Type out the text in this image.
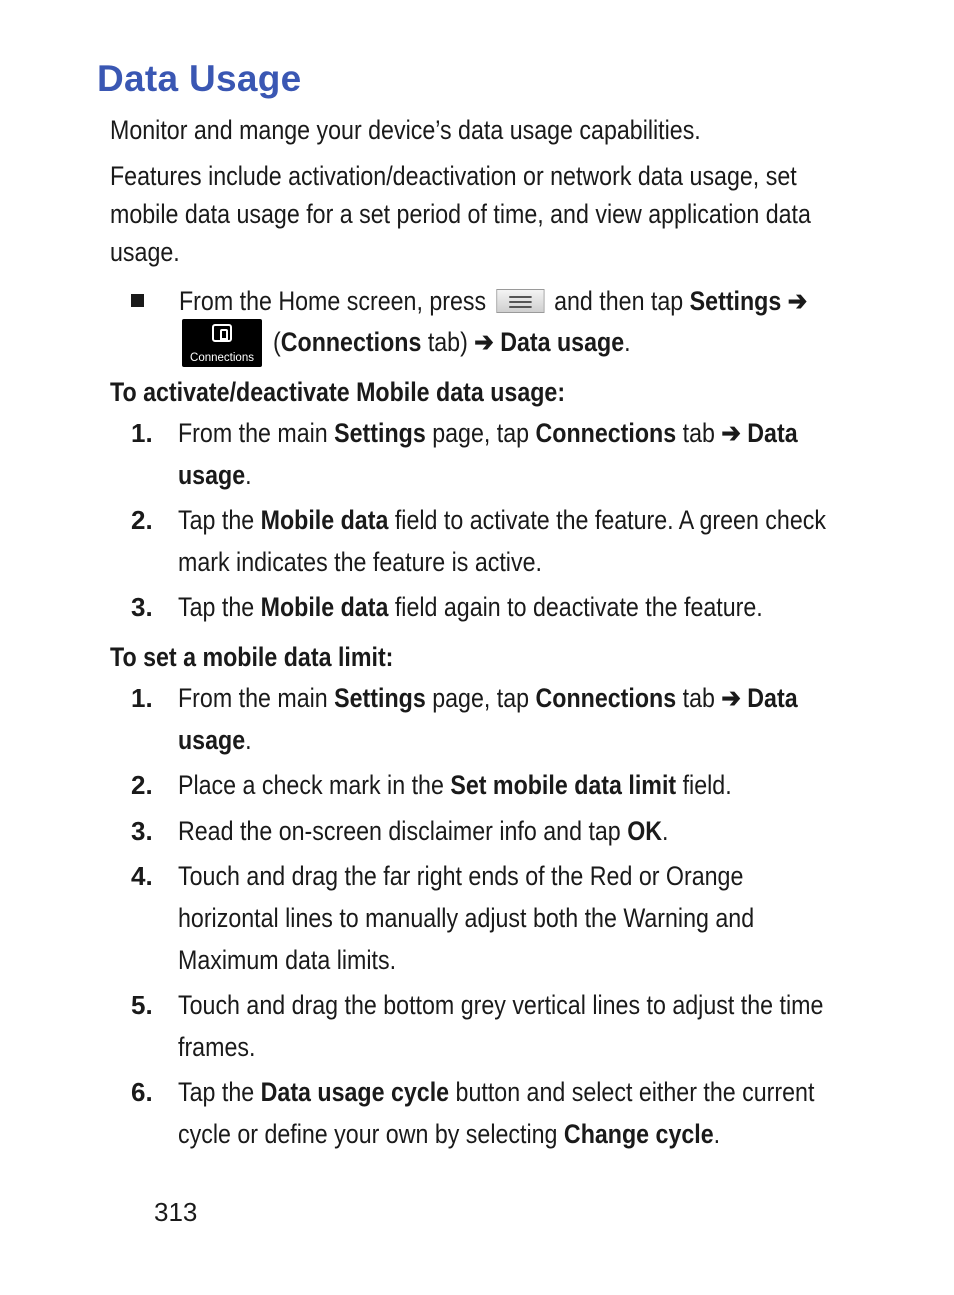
Data Usage
Monitor and mange your device’s data usage capabilities.
Features include activation/deactivation or network data usage, set
mobile data usage for a set period of time, and view application data
usage.
From the Home screen, press	and then tap Settings ➔
Connections
(Connections tab) ➔ Data usage.
To activate/deactivate Mobile data usage:
1. From the main Settings page, tap Connections tab ➔ Data
usage.
2. Tap the Mobile data field to activate the feature. A green check
mark indicates the feature is active.
3. Tap the Mobile data field again to deactivate the feature.
To set a mobile data limit:
1. From the main Settings page, tap Connections tab ➔ Data
usage.
2. Place a check mark in the Set mobile data limit field.
3. Read the on-screen disclaimer info and tap OK.
4. Touch and drag the far right ends of the Red or Orange
horizontal lines to manually adjust both the Warning and
Maximum data limits.
5. Touch and drag the bottom grey vertical lines to adjust the time
frames.
6. Tap the Data usage cycle button and select either the current
cycle or define your own by selecting Change cycle.
313
